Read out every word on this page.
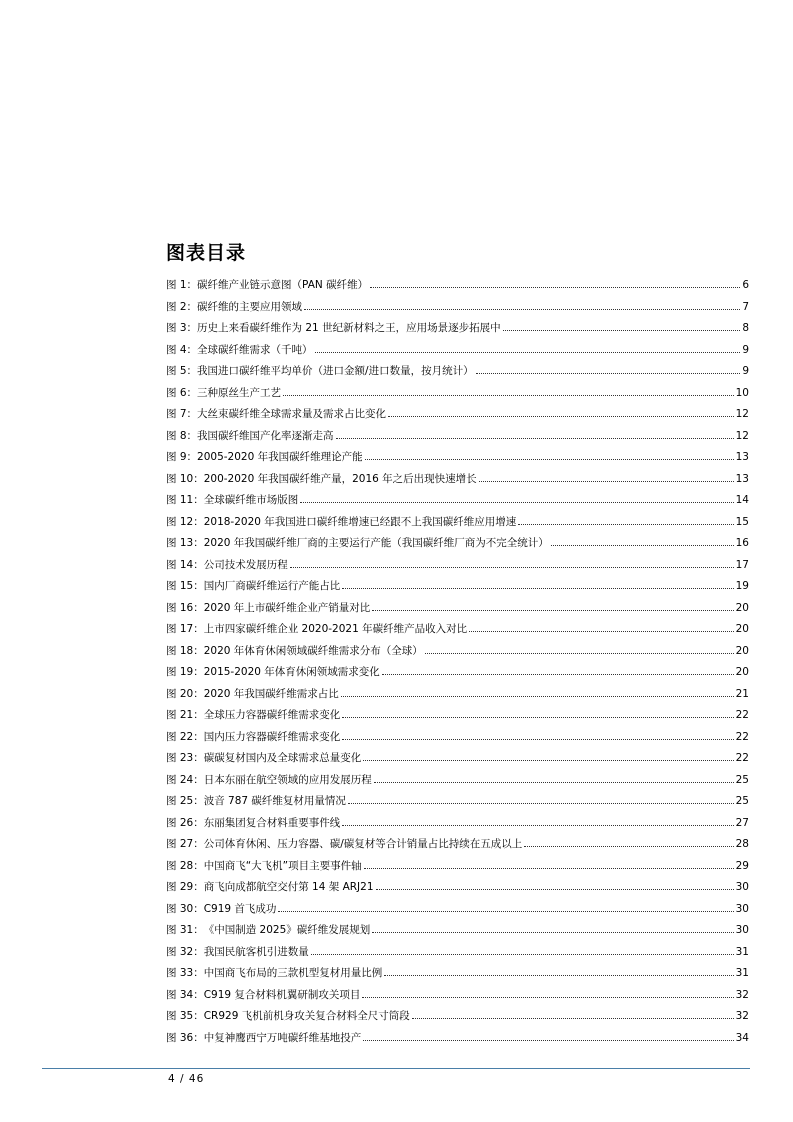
图表目录
图 1： 碳纤维产业链示意图（PAN 碳纤维）	6
图 2： 碳纤维的主要应用领域	7
图 3： 历史上来看碳纤维作为 21 世纪新材料之王，应用场景逐步拓展中	8
图 4： 全球碳纤维需求（千吨）	9
图 5： 我国进口碳纤维平均单价（进口金额/进口数量，按月统计）	9
图 6： 三种原丝生产工艺	10
图 7： 大丝束碳纤维全球需求量及需求占比变化	12
图 8： 我国碳纤维国产化率逐渐走高	12
图 9： 2005-2020 年我国碳纤维理论产能	13
图 10： 200-2020 年我国碳纤维产量，2016 年之后出现快速增长	13
图 11： 全球碳纤维市场版图	14
图 12： 2018-2020 年我国进口碳纤维增速已经跟不上我国碳纤维应用增速	15
图 13： 2020 年我国碳纤维厂商的主要运行产能（我国碳纤维厂商为不完全统计）	16
图 14： 公司技术发展历程	17
图 15： 国内厂商碳纤维运行产能占比	19
图 16： 2020 年上市碳纤维企业产销量对比	20
图 17： 上市四家碳纤维企业 2020-2021 年碳纤维产品收入对比	20
图 18： 2020 年体育休闲领域碳纤维需求分布（全球）	20
图 19： 2015-2020 年体育休闲领域需求变化	20
图 20： 2020 年我国碳纤维需求占比	21
图 21： 全球压力容器碳纤维需求变化	22
图 22： 国内压力容器碳纤维需求变化	22
图 23： 碳碳复材国内及全球需求总量变化	22
图 24： 日本东丽在航空领域的应用发展历程	25
图 25： 波音 787 碳纤维复材用量情况	25
图 26： 东丽集团复合材料重要事件线	27
图 27： 公司体育休闲、压力容器、碳/碳复材等合计销量占比持续在五成以上	28
图 28： 中国商飞“大飞机”项目主要事件轴	29
图 29： 商飞向成都航空交付第 14 架 ARJ21	30
图 30： C919 首飞成功	30
图 31： 《中国制造 2025》碳纤维发展规划	30
图 32： 我国民航客机引进数量	31
图 33： 中国商飞布局的三款机型复材用量比例	31
图 34： C919 复合材料机翼研制攻关项目	32
图 35： CR929 飞机前机身攻关复合材料全尺寸筒段	32
图 36： 中复神鹰西宁万吨碳纤维基地投产	34
4 / 46
